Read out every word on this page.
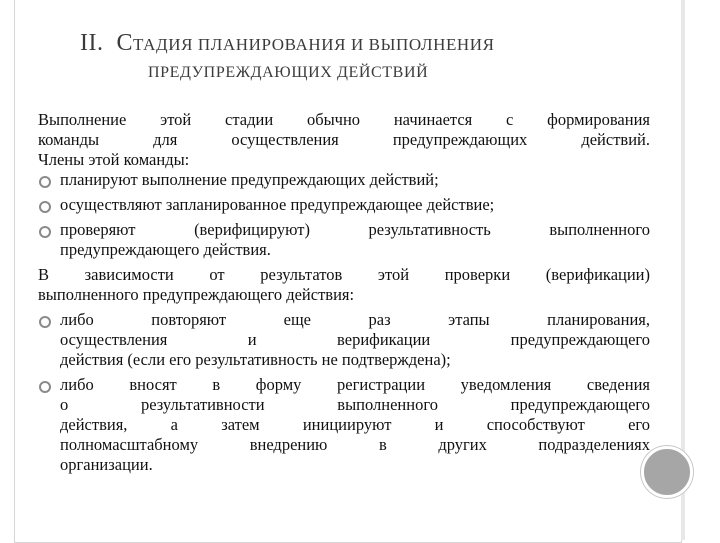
II. СТАДИЯ ПЛАНИРОВАНИЯ И ВЫПОЛНЕНИЯ
ПРЕДУПРЕЖДАЮЩИХ ДЕЙСТВИЙ
Выполнение этой стадии обычно начинается с формирования
команды для осуществления предупреждающих действий.
Члены этой команды:
планируют выполнение предупреждающих действий;
осуществляют запланированное предупреждающее действие;
проверяют (верифицируют) результативность выполненного
предупреждающего действия.
В зависимости от результатов этой проверки (верификации)
выполненного предупреждающего действия:
либо повторяют еще раз этапы планирования,
осуществления и верификации предупреждающего
действия (если его результативность не подтверждена);
либо вносят в форму регистрации уведомления сведения
о результативности выполненного предупреждающего
действия, а затем инициируют и способствуют его
полномасштабному внедрению в других подразделениях
организации.
